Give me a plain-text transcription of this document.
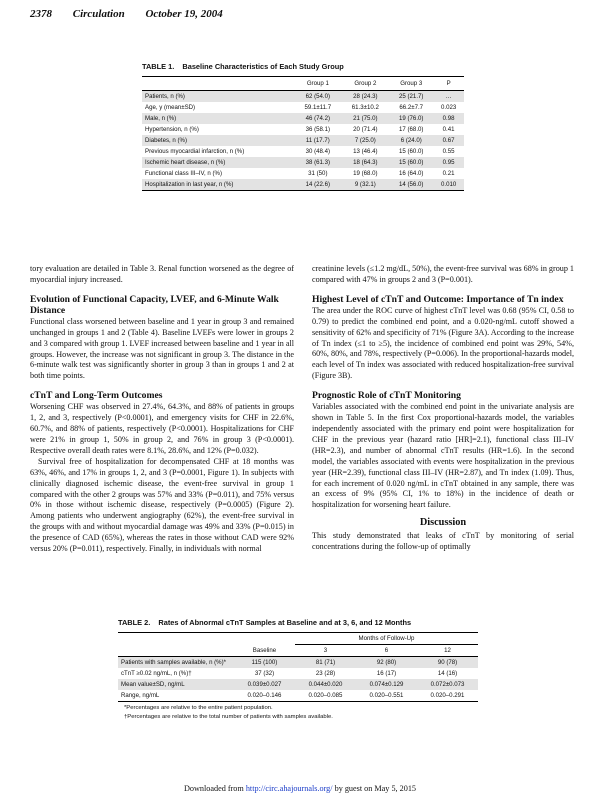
2378 Circulation October 19, 2004
TABLE 1. Baseline Characteristics of Each Study Group
	Group 1	Group 2	Group 3	P
Patients, n (%)	62 (54.0)	28 (24.3)	25 (21.7)	…
Age, y (mean±SD)	59.1±11.7	61.3±10.2	66.2±7.7	0.023
Male, n (%)	46 (74.2)	21 (75.0)	19 (76.0)	0.98
Hypertension, n (%)	36 (58.1)	20 (71.4)	17 (68.0)	0.41
Diabetes, n (%)	11 (17.7)	7 (25.0)	6 (24.0)	0.67
Previous myocardial infarction, n (%)	30 (48.4)	13 (46.4)	15 (60.0)	0.55
Ischemic heart disease, n (%)	38 (61.3)	18 (64.3)	15 (60.0)	0.95
Functional class III–IV, n (%)	31 (50)	19 (68.0)	16 (64.0)	0.21
Hospitalization in last year, n (%)	14 (22.6)	9 (32.1)	14 (56.0)	0.010

tory evaluation are detailed in Table 3. Renal function worsened as the degree of myocardial injury increased.

Evolution of Functional Capacity, LVEF, and 6-Minute Walk Distance

Functional class worsened between baseline and 1 year in group 3 and remained unchanged in groups 1 and 2 (Table 4). Baseline LVEFs were lower in groups 2 and 3 compared with group 1. LVEF increased between baseline and 1 year in all groups. However, the increase was not significant in group 3. The distance in the 6-minute walk test was significantly shorter in group 3 than in groups 1 and 2 at both time points.

cTnT and Long-Term Outcomes

Worsening CHF was observed in 27.4%, 64.3%, and 88% of patients in groups 1, 2, and 3, respectively (P<0.0001), and emergency visits for CHF in 22.6%, 60.7%, and 88% of patients, respectively (P<0.0001). Hospitalizations for CHF were 21% in group 1, 50% in group 2, and 76% in group 3 (P<0.0001). Respective overall death rates were 8.1%, 28.6%, and 12% (P=0.032).

Survival free of hospitalization for decompensated CHF at 18 months was 63%, 46%, and 17% in groups 1, 2, and 3 (P=0.0001, Figure 1). In subjects with clinically diagnosed ischemic disease, the event-free survival in group 1 compared with the other 2 groups was 57% and 33% (P=0.011), and 75% versus 0% in those without ischemic disease, respectively (P=0.0005) (Figure 2). Among patients who underwent angiography (62%), the event-free survival in the groups with and without myocardial damage was 49% and 33% (P=0.015) in the presence of CAD (65%), whereas the rates in those without CAD were 92% versus 20% (P=0.011), respectively. Finally, in individuals with normal

creatinine levels (≤1.2 mg/dL, 50%), the event-free survival was 68% in group 1 compared with 47% in groups 2 and 3 (P=0.001).

Highest Level of cTnT and Outcome: Importance of Tn index

The area under the ROC curve of highest cTnT level was 0.68 (95% CI, 0.58 to 0.79) to predict the combined end point, and a 0.020-ng/mL cutoff showed a sensitivity of 62% and specificity of 71% (Figure 3A). According to the increase of Tn index (≤1 to ≥5), the incidence of combined end point was 29%, 54%, 60%, 80%, and 78%, respectively (P=0.006). In the proportional-hazards model, each level of Tn index was associated with reduced hospitalization-free survival (Figure 3B).

Prognostic Role of cTnT Monitoring

Variables associated with the combined end point in the univariate analysis are shown in Table 5. In the first Cox proportional-hazards model, the variables independently associated with the primary end point were hospitalization for CHF in the previous year (hazard ratio [HR]=2.1), functional class III–IV (HR=2.3), and number of abnormal cTnT results (HR=1.6). In the second model, the variables associated with events were hospitalization in the previous year (HR=2.39), functional class III–IV (HR=2.87), and Tn index (1.09). Thus, for each increment of 0.020 ng/mL in cTnT obtained in any sample, there was an excess of 9% (95% CI, 1% to 18%) in the incidence of death or hospitalization for worsening heart failure.

Discussion

This study demonstrated that leaks of cTnT by monitoring of serial concentrations during the follow-up of optimally

TABLE 2. Rates of Abnormal cTnT Samples at Baseline and at 3, 6, and 12 Months
		Months of Follow-Up		
	Baseline	3	6	12
Patients with samples available, n (%)*	115 (100)	81 (71)	92 (80)	90 (78)
cTnT ≥0.02 ng/mL, n (%)†	37 (32)	23 (28)	16 (17)	14 (16)
Mean value±SD, ng/mL	0.039±0.027	0.044±0.020	0.074±0.129	0.072±0.073
Range, ng/mL	0.020–0.146	0.020–0.085	0.020–0.551	0.020–0.291
*Percentages are relative to the entire patient population.
†Percentages are relative to the total number of patients with samples available.
Downloaded from http://circ.ahajournals.org/ by guest on May 5, 2015
